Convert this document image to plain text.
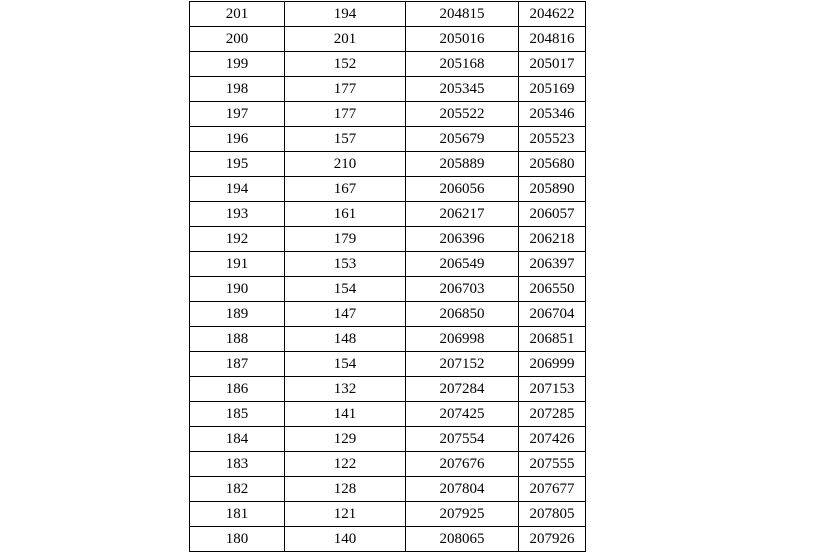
201	194	204815	204622
200	201	205016	204816
199	152	205168	205017
198	177	205345	205169
197	177	205522	205346
196	157	205679	205523
195	210	205889	205680
194	167	206056	205890
193	161	206217	206057
192	179	206396	206218
191	153	206549	206397
190	154	206703	206550
189	147	206850	206704
188	148	206998	206851
187	154	207152	206999
186	132	207284	207153
185	141	207425	207285
184	129	207554	207426
183	122	207676	207555
182	128	207804	207677
181	121	207925	207805
180	140	208065	207926
